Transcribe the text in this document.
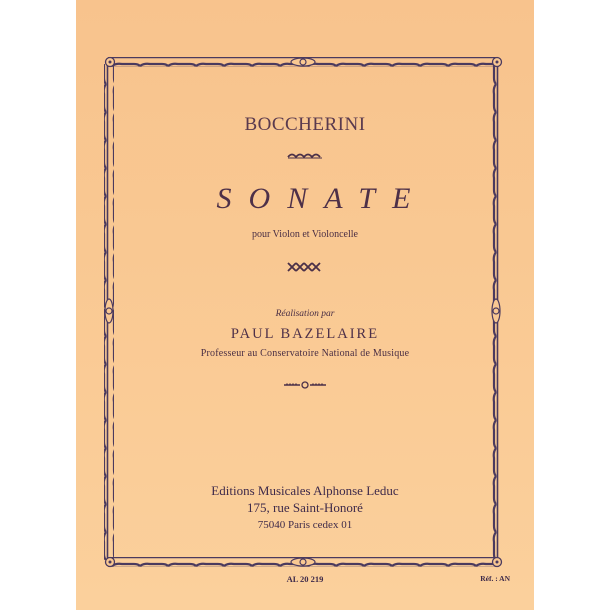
BOCCHERINI
SONATE
pour Violon et Violoncelle
Réalisation par
PAUL BAZELAIRE
Professeur au Conservatoire National de Musique
Editions Musicales Alphonse Leduc
175, rue Saint-Honoré
75040 Paris cedex 01
AL 20 219	Réf. : AN
